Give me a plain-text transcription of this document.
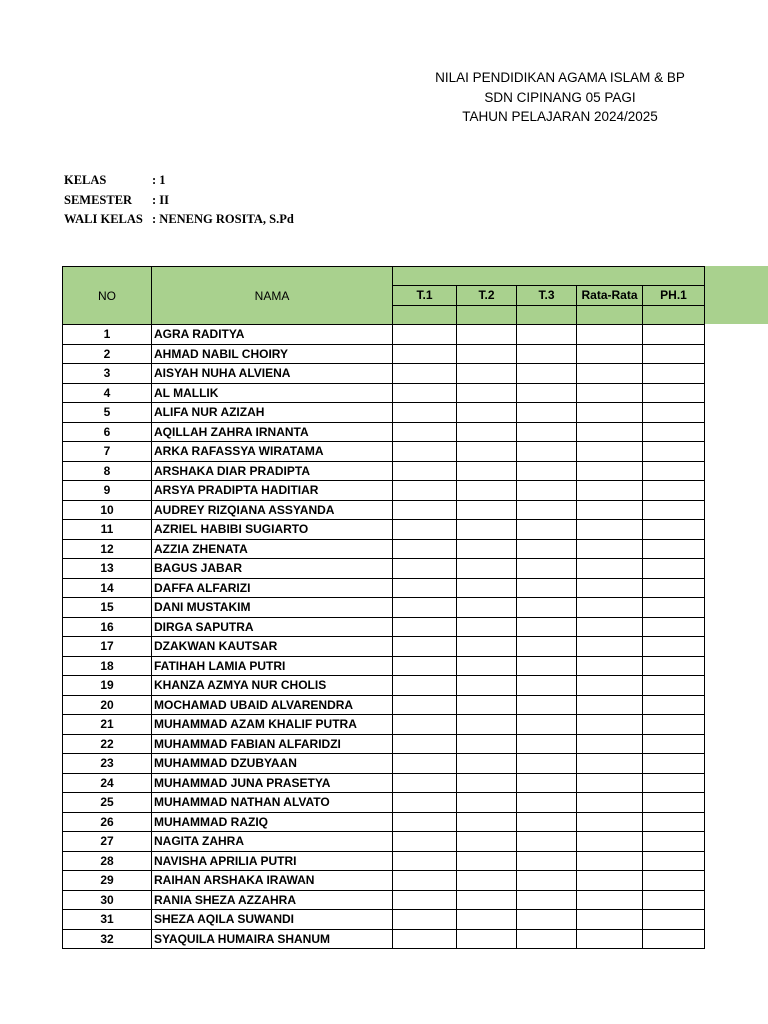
NILAI PENDIDIKAN AGAMA ISLAM & BP
SDN CIPINANG 05 PAGI
TAHUN PELAJARAN 2024/2025
KELAS	: 1
SEMESTER	: II
WALI KELAS : NENENG ROSITA, S.Pd
NO	NAMA					
		T.1	T.2	T.3	Rata-Rata	PH.1

1	AGRA RADITYA					
2	AHMAD NABIL CHOIRY					
3	AISYAH NUHA ALVIENA					
4	AL MALLIK					
5	ALIFA NUR AZIZAH					
6	AQILLAH ZAHRA IRNANTA					
7	ARKA RAFASSYA WIRATAMA					
8	ARSHAKA DIAR PRADIPTA					
9	ARSYA PRADIPTA HADITIAR					
10	AUDREY RIZQIANA ASSYANDA					
11	AZRIEL HABIBI SUGIARTO					
12	AZZIA ZHENATA					
13	BAGUS JABAR					
14	DAFFA ALFARIZI					
15	DANI MUSTAKIM					
16	DIRGA SAPUTRA					
17	DZAKWAN KAUTSAR					
18	FATIHAH LAMIA PUTRI					
19	KHANZA AZMYA NUR CHOLIS					
20	MOCHAMAD UBAID ALVARENDRA					
21	MUHAMMAD AZAM KHALIF PUTRA					
22	MUHAMMAD FABIAN ALFARIDZI					
23	MUHAMMAD DZUBYAAN					
24	MUHAMMAD JUNA PRASETYA					
25	MUHAMMAD NATHAN ALVATO					
26	MUHAMMAD RAZIQ					
27	NAGITA ZAHRA					
28	NAVISHA APRILIA PUTRI					
29	RAIHAN ARSHAKA IRAWAN					
30	RANIA SHEZA AZZAHRA					
31	SHEZA AQILA SUWANDI					
32	SYAQUILA HUMAIRA SHANUM					
